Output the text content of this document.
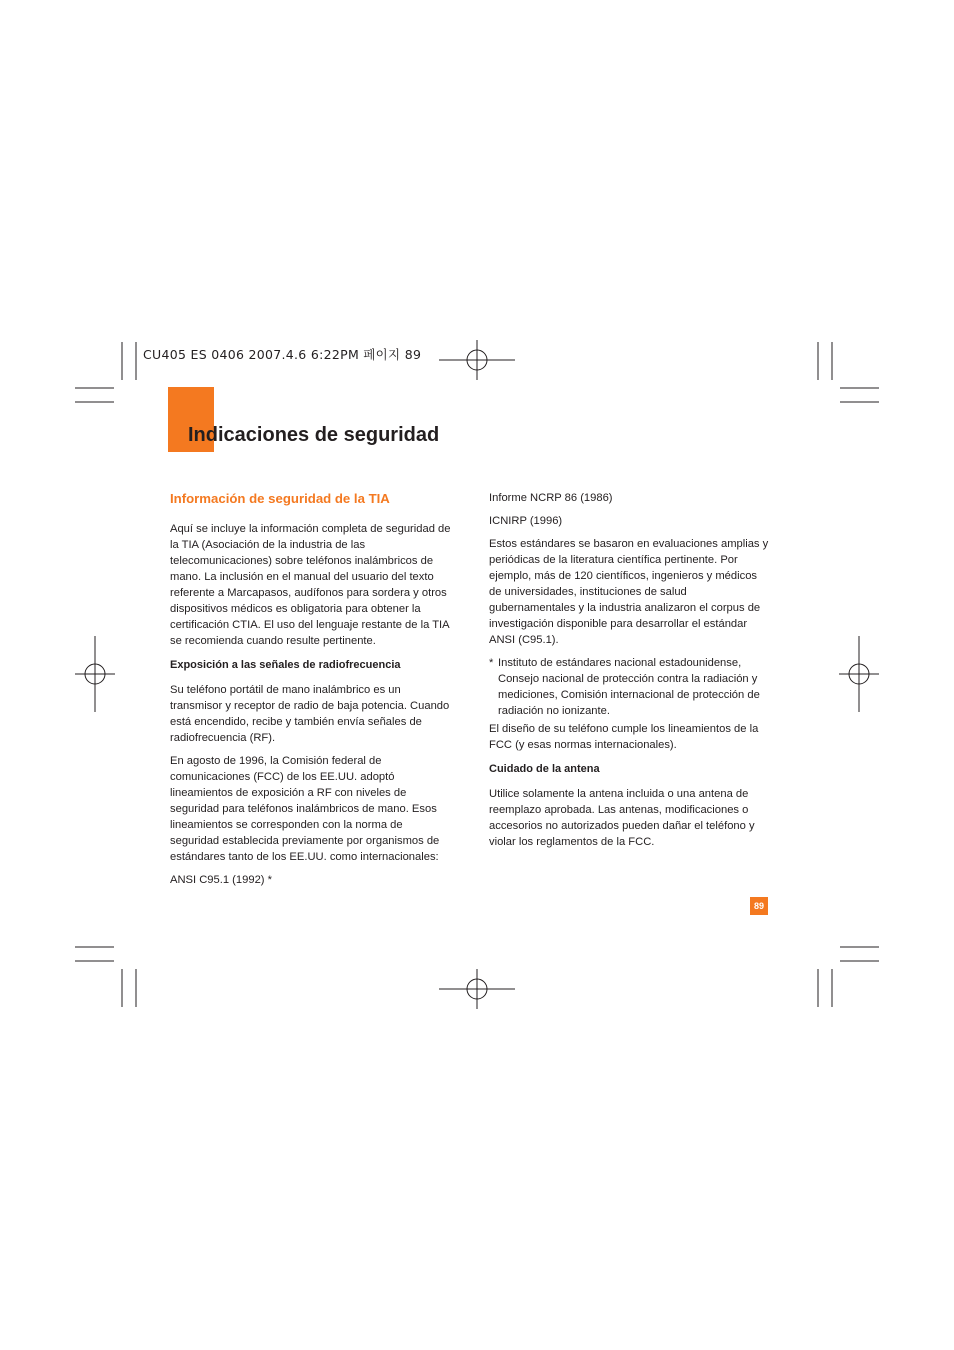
CU405 ES 0406 2007.4.6 6:22PM 페이지 89
Indicaciones de seguridad
Información de seguridad de la TIA

Aquí se incluye la información completa de seguridad de la TIA (Asociación de la industria de las telecomunicaciones) sobre teléfonos inalámbricos de mano. La inclusión en el manual del usuario del texto referente a Marcapasos, audífonos para sordera y otros dispositivos médicos es obligatoria para obtener la certificación CTIA. El uso del lenguaje restante de la TIA se recomienda cuando resulte pertinente.

Exposición a las señales de radiofrecuencia

Su teléfono portátil de mano inalámbrico es un transmisor y receptor de radio de baja potencia. Cuando está encendido, recibe y también envía señales de radiofrecuencia (RF).

En agosto de 1996, la Comisión federal de comunicaciones (FCC) de los EE.UU. adoptó lineamientos de exposición a RF con niveles de seguridad para teléfonos inalámbricos de mano. Esos lineamientos se corresponden con la norma de seguridad establecida previamente por organismos de estándares tanto de los EE.UU. como internacionales:

ANSI C95.1 (1992) *

Informe NCRP 86 (1986)

ICNIRP (1996)

Estos estándares se basaron en evaluaciones amplias y periódicas de la literatura científica pertinente. Por ejemplo, más de 120 científicos, ingenieros y médicos de universidades, instituciones de salud gubernamentales y la industria analizaron el corpus de investigación disponible para desarrollar el estándar ANSI (C95.1).

* Instituto de estándares nacional estadounidense, Consejo nacional de protección contra la radiación y mediciones, Comisión internacional de protección de radiación no ionizante.

El diseño de su teléfono cumple los lineamientos de la FCC (y esas normas internacionales).

Cuidado de la antena

Utilice solamente la antena incluida o una antena de reemplazo aprobada. Las antenas, modificaciones o accesorios no autorizados pueden dañar el teléfono y violar los reglamentos de la FCC.

89
